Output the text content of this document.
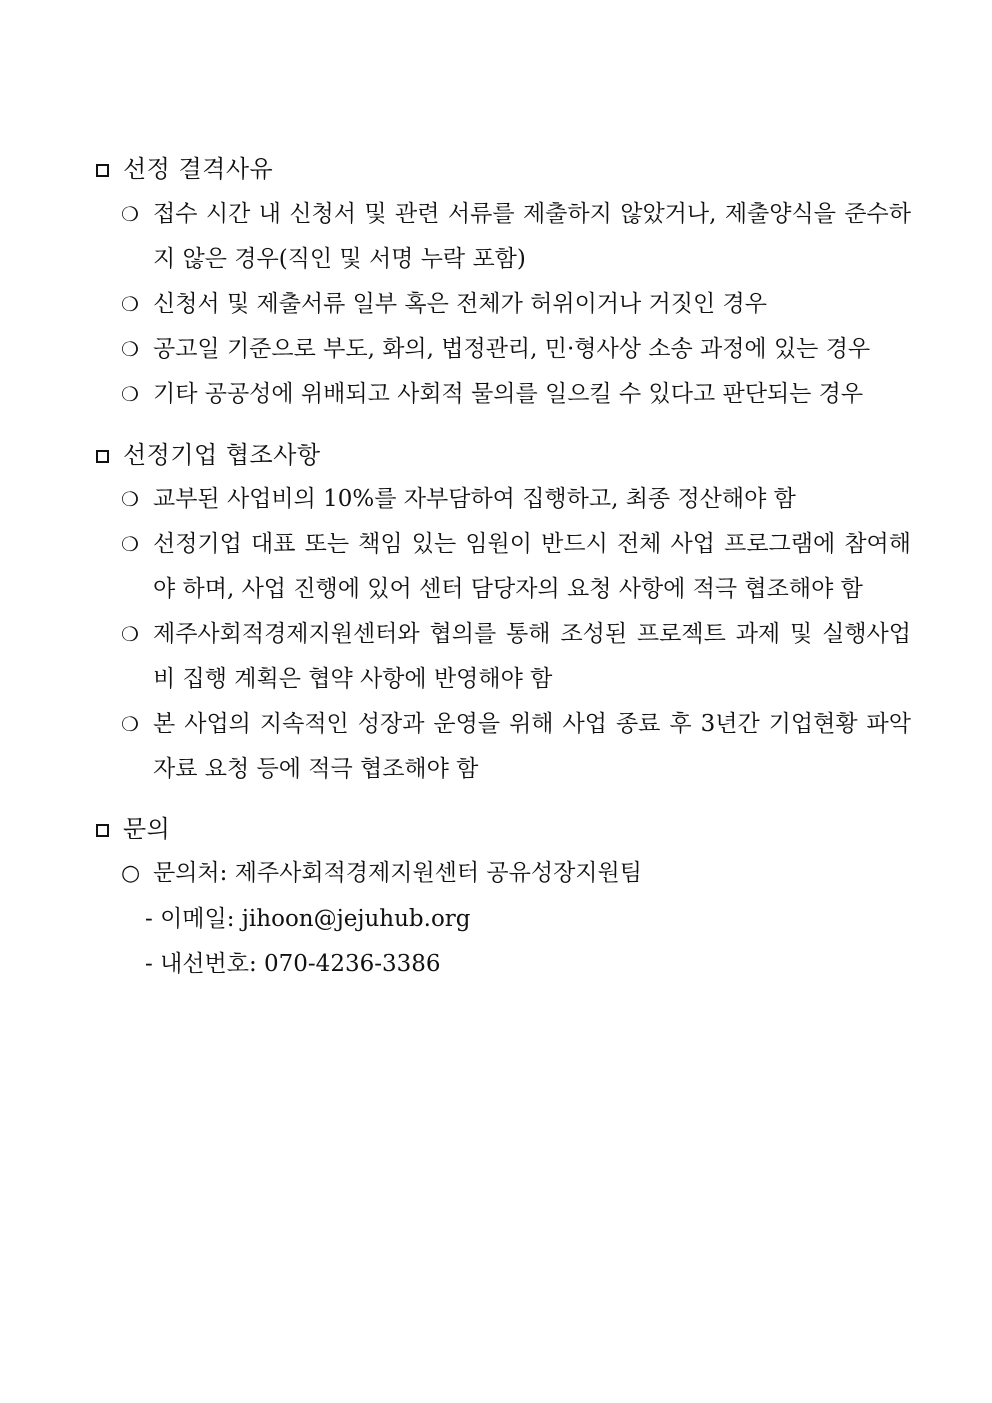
선정 결격사유
❍ 접수 시간 내 신청서 및 관련 서류를 제출하지 않았거나, 제출양식을 준수하지 않은 경우(직인 및 서명 누락 포함)
❍ 신청서 및 제출서류 일부 혹은 전체가 허위이거나 거짓인 경우
❍ 공고일 기준으로 부도, 화의, 법정관리, 민·형사상 소송 과정에 있는 경우
❍ 기타 공공성에 위배되고 사회적 물의를 일으킬 수 있다고 판단되는 경우
선정기업 협조사항
❍ 교부된 사업비의 10%를 자부담하여 집행하고, 최종 정산해야 함
❍ 선정기업 대표 또는 책임 있는 임원이 반드시 전체 사업 프로그램에 참여해야 하며, 사업 진행에 있어 센터 담당자의 요청 사항에 적극 협조해야 함
❍ 제주사회적경제지원센터와 협의를 통해 조성된 프로젝트 과제 및 실행사업비 집행 계획은 협약 사항에 반영해야 함
❍ 본 사업의 지속적인 성장과 운영을 위해 사업 종료 후 3년간 기업현황 파악자료 요청 등에 적극 협조해야 함
문의
○ 문의처: 제주사회적경제지원센터 공유성장지원팀
- 이메일: jihoon@jejuhub.org
- 내선번호: 070-4236-3386
